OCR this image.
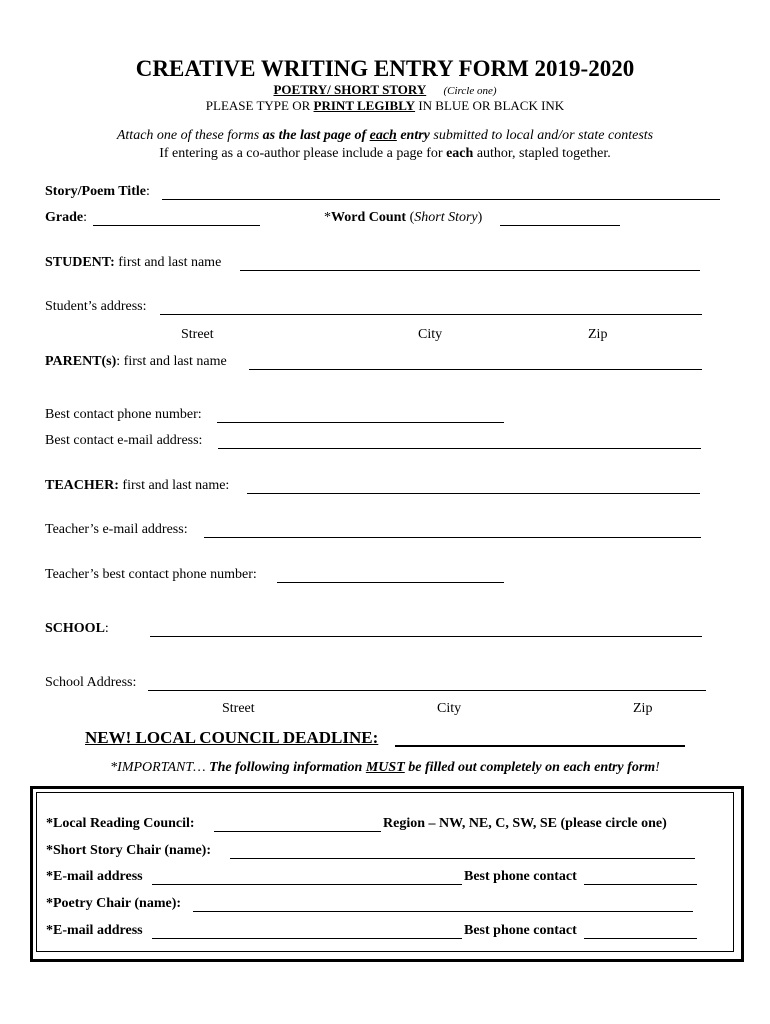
CREATIVE WRITING ENTRY FORM 2019-2020
POETRY/ SHORT STORY (Circle one)
PLEASE TYPE OR PRINT LEGIBLY IN BLUE OR BLACK INK
Attach one of these forms as the last page of each entry submitted to local and/or state contests
If entering as a co-author please include a page for each author, stapled together.
Story/Poem Title:
Grade:	*Word Count (Short Story)
STUDENT: first and last name
Student’s address:
Street	City	Zip
PARENT(s): first and last name
Best contact phone number:
Best contact e-mail address:
TEACHER: first and last name:
Teacher’s e-mail address:
Teacher’s best contact phone number:
SCHOOL:
School Address:
Street	City	Zip
NEW! LOCAL COUNCIL DEADLINE:
*IMPORTANT… The following information MUST be filled out completely on each entry form!
*Local Reading Council:	Region – NW, NE, C, SW, SE (please circle one)
*Short Story Chair (name):
*E-mail address	Best phone contact
*Poetry Chair (name):
*E-mail address	Best phone contact
